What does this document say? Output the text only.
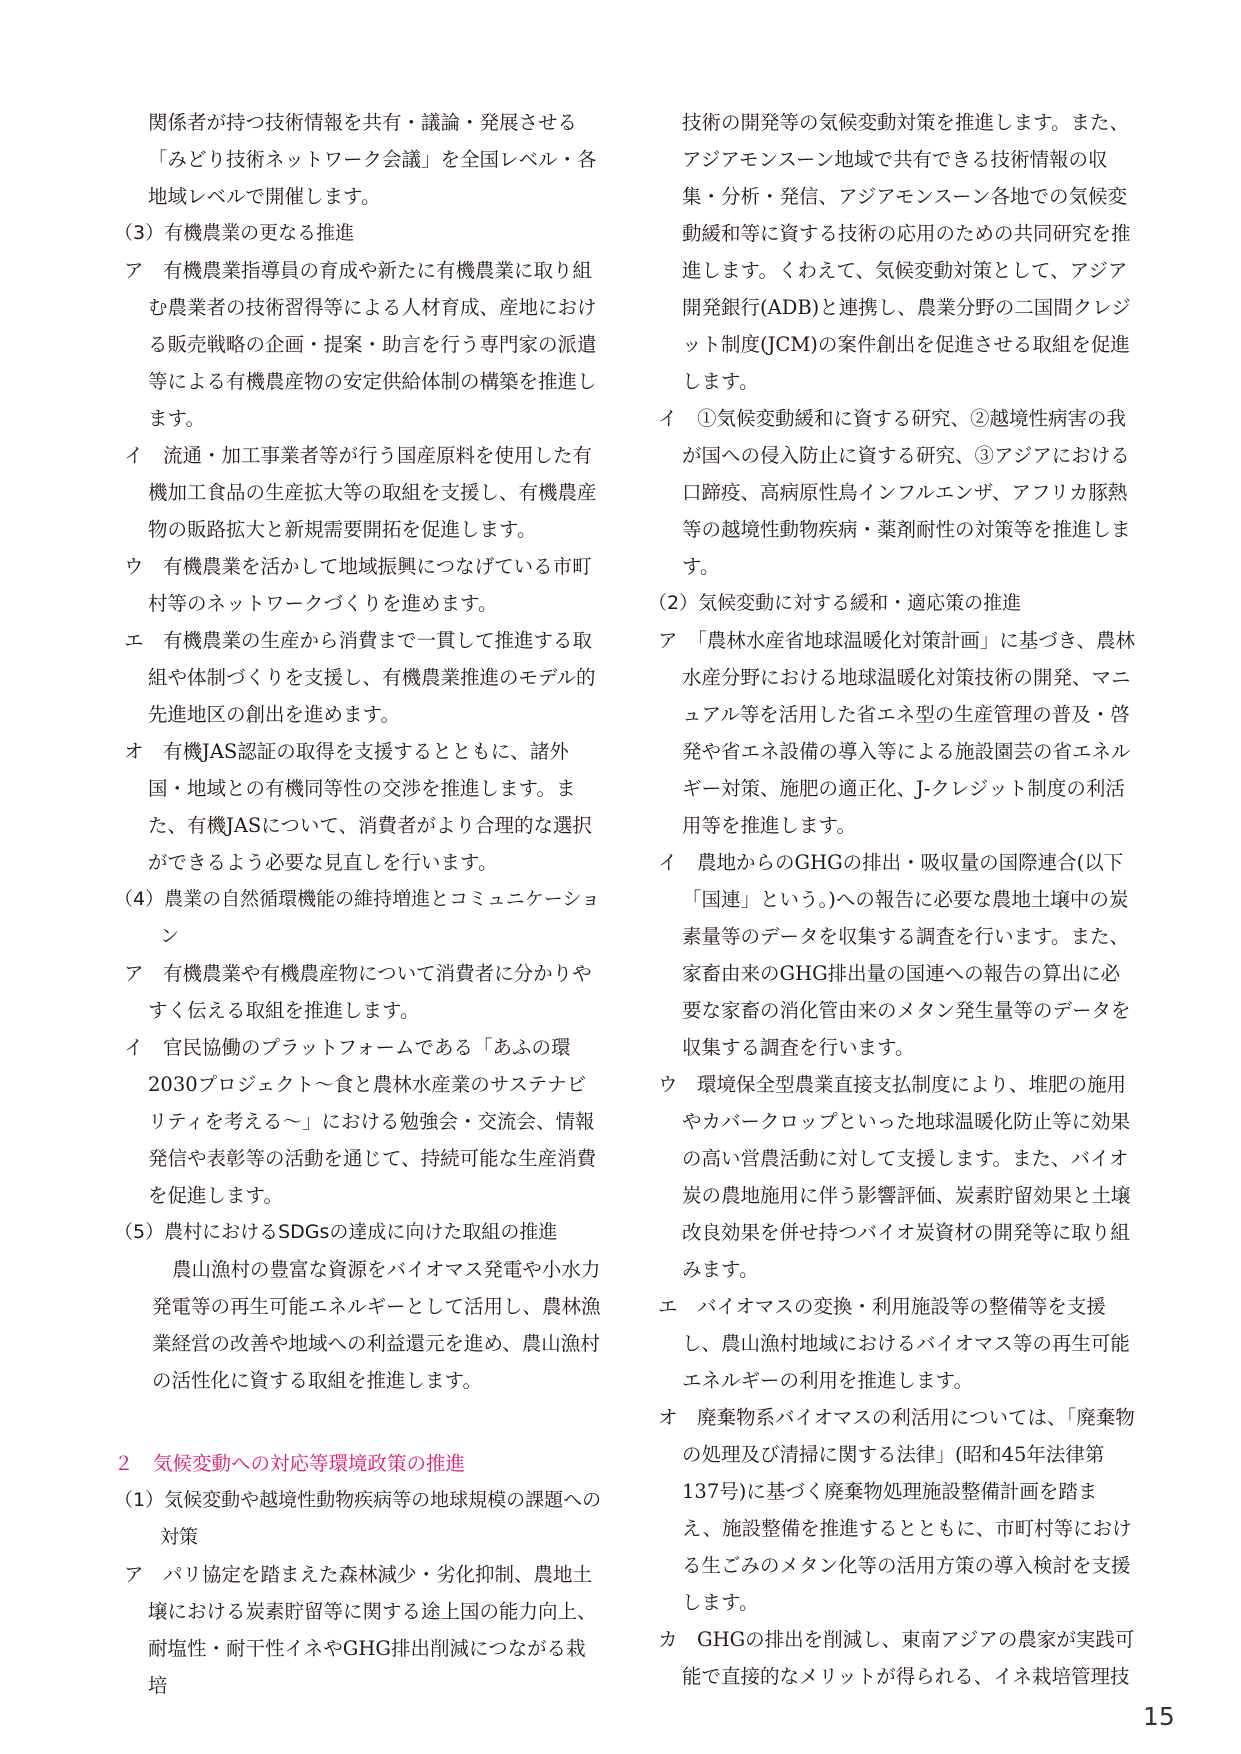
関係者が持つ技術情報を共有・議論・発展させる「みどり技術ネットワーク会議」を全国レベル・各地域レベルで開催します。

（3）有機農業の更なる推進

ア　有機農業指導員の育成や新たに有機農業に取り組む農業者の技術習得等による人材育成、産地における販売戦略の企画・提案・助言を行う専門家の派遣等による有機農産物の安定供給体制の構築を推進します。

イ　流通・加工事業者等が行う国産原料を使用した有機加工食品の生産拡大等の取組を支援し、有機農産物の販路拡大と新規需要開拓を促進します。

ウ　有機農業を活かして地域振興につなげている市町村等のネットワークづくりを進めます。

エ　有機農業の生産から消費まで一貫して推進する取組や体制づくりを支援し、有機農業推進のモデル的先進地区の創出を進めます。

オ　有機JAS認証の取得を支援するとともに、諸外国・地域との有機同等性の交渉を推進します。また、有機JASについて、消費者がより合理的な選択ができるよう必要な見直しを行います。

（4）農業の自然循環機能の維持増進とコミュニケーション

ア　有機農業や有機農産物について消費者に分かりやすく伝える取組を推進します。

イ　官民協働のプラットフォームである「あふの環2030プロジェクト〜食と農林水産業のサステナビリティを考える〜」における勉強会・交流会、情報発信や表彰等の活動を通じて、持続可能な生産消費を促進します。

（5）農村におけるSDGsの達成に向けた取組の推進

農山漁村の豊富な資源をバイオマス発電や小水力発電等の再生可能エネルギーとして活用し、農林漁業経営の改善や地域への利益還元を進め、農山漁村の活性化に資する取組を推進します。

２　気候変動への対応等環境政策の推進

（1）気候変動や越境性動物疾病等の地球規模の課題への対策

ア　パリ協定を踏まえた森林減少・劣化抑制、農地土壌における炭素貯留等に関する途上国の能力向上、耐塩性・耐干性イネやGHG排出削減につながる栽培

技術の開発等の気候変動対策を推進します。また、アジアモンスーン地域で共有できる技術情報の収集・分析・発信、アジアモンスーン各地での気候変動緩和等に資する技術の応用のための共同研究を推進します。くわえて、気候変動対策として、アジア開発銀行(ADB)と連携し、農業分野の二国間クレジット制度(JCM)の案件創出を促進させる取組を促進します。

イ　①気候変動緩和に資する研究、②越境性病害の我が国への侵入防止に資する研究、③アジアにおける口蹄疫、高病原性鳥インフルエンザ、アフリカ豚熱等の越境性動物疾病・薬剤耐性の対策等を推進します。

（2）気候変動に対する緩和・適応策の推進

ア　「農林水産省地球温暖化対策計画」に基づき、農林水産分野における地球温暖化対策技術の開発、マニュアル等を活用した省エネ型の生産管理の普及・啓発や省エネ設備の導入等による施設園芸の省エネルギー対策、施肥の適正化、J-クレジット制度の利活用等を推進します。

イ　農地からのGHGの排出・吸収量の国際連合(以下「国連」という。)への報告に必要な農地土壌中の炭素量等のデータを収集する調査を行います。また、家畜由来のGHG排出量の国連への報告の算出に必要な家畜の消化管由来のメタン発生量等のデータを収集する調査を行います。

ウ　環境保全型農業直接支払制度により、堆肥の施用やカバークロップといった地球温暖化防止等に効果の高い営農活動に対して支援します。また、バイオ炭の農地施用に伴う影響評価、炭素貯留効果と土壌改良効果を併せ持つバイオ炭資材の開発等に取り組みます。

エ　バイオマスの変換・利用施設等の整備等を支援し、農山漁村地域におけるバイオマス等の再生可能エネルギーの利用を推進します。

オ　廃棄物系バイオマスの利活用については、「廃棄物の処理及び清掃に関する法律」(昭和45年法律第137号)に基づく廃棄物処理施設整備計画を踏まえ、施設整備を推進するとともに、市町村等における生ごみのメタン化等の活用方策の導入検討を支援します。

カ　GHGの排出を削減し、東南アジアの農家が実践可能で直接的なメリットが得られる、イネ栽培管理技

15
